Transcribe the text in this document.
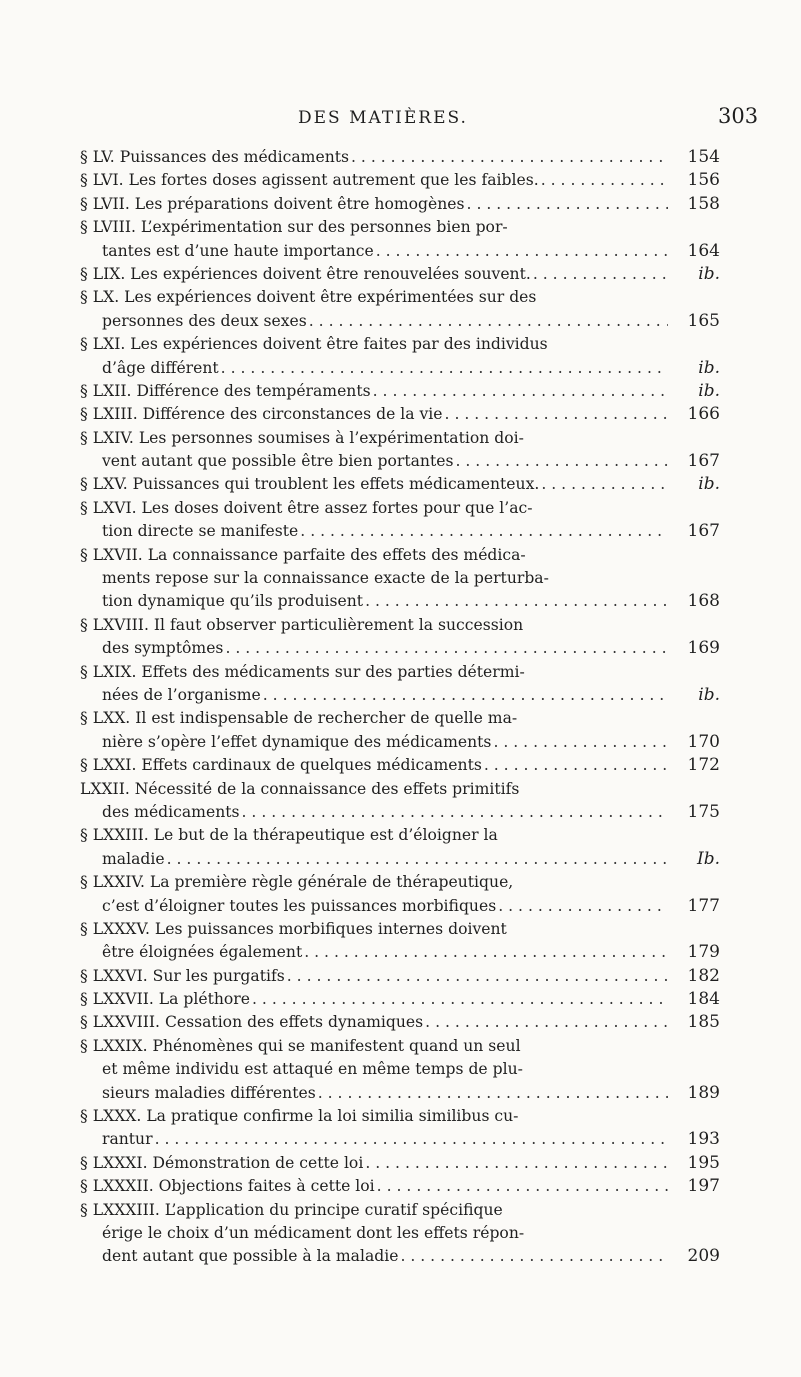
DES MATIÈRES.	303
§ LV. Puissances des médicaments . . .	154
§ LVI. Les fortes doses agissent autrement que les faibles. . . .	156
§ LVII. Les préparations doivent être homogènes . . .	158
§ LVIII. L’expérimentation sur des personnes bien por-
tantes est d’une haute importance . . .	164
§ LIX. Les expériences doivent être renouvelées souvent. . . .	ib.
§ LX. Les expériences doivent être expérimentées sur des
personnes des deux sexes . . .	165
§ LXI. Les expériences doivent être faites par des individus
d’âge différent . . .	ib.
§ LXII. Différence des tempéraments . . .	ib.
§ LXIII. Différence des circonstances de la vie . . .	166
§ LXIV. Les personnes soumises à l’expérimentation doi-
vent autant que possible être bien portantes . . .	167
§ LXV. Puissances qui troublent les effets médicamenteux. . . .	ib.
§ LXVI. Les doses doivent être assez fortes pour que l’ac-
tion directe se manifeste . . .	167
§ LXVII. La connaissance parfaite des effets des médica-
ments repose sur la connaissance exacte de la perturba-
tion dynamique qu’ils produisent . . .	168
§ LXVIII. Il faut observer particulièrement la succession
des symptômes . . .	169
§ LXIX. Effets des médicaments sur des parties détermi-
nées de l’organisme . . .	ib.
§ LXX. Il est indispensable de rechercher de quelle ma-
nière s’opère l’effet dynamique des médicaments . . .	170
§ LXXI. Effets cardinaux de quelques médicaments . . .	172
LXXII. Nécessité de la connaissance des effets primitifs
des médicaments . . .	175
§ LXXIII. Le but de la thérapeutique est d’éloigner la
maladie . . .	Ib.
§ LXXIV. La première règle générale de thérapeutique,
c’est d’éloigner toutes les puissances morbifiques . . .	177
§ LXXXV. Les puissances morbifiques internes doivent
être éloignées également . . .	179
§ LXXVI. Sur les purgatifs . . .	182
§ LXXVII. La pléthore . . .	184
§ LXXVIII. Cessation des effets dynamiques . . .	185
§ LXXIX. Phénomènes qui se manifestent quand un seul
et même individu est attaqué en même temps de plu-
sieurs maladies différentes . . .	189
§ LXXX. La pratique confirme la loi similia similibus cu-
rantur . . .	193
§ LXXXI. Démonstration de cette loi . . .	195
§ LXXXII. Objections faites à cette loi . . .	197
§ LXXXIII. L’application du principe curatif spécifique
érige le choix d’un médicament dont les effets répon-
dent autant que possible à la maladie . . .	209
